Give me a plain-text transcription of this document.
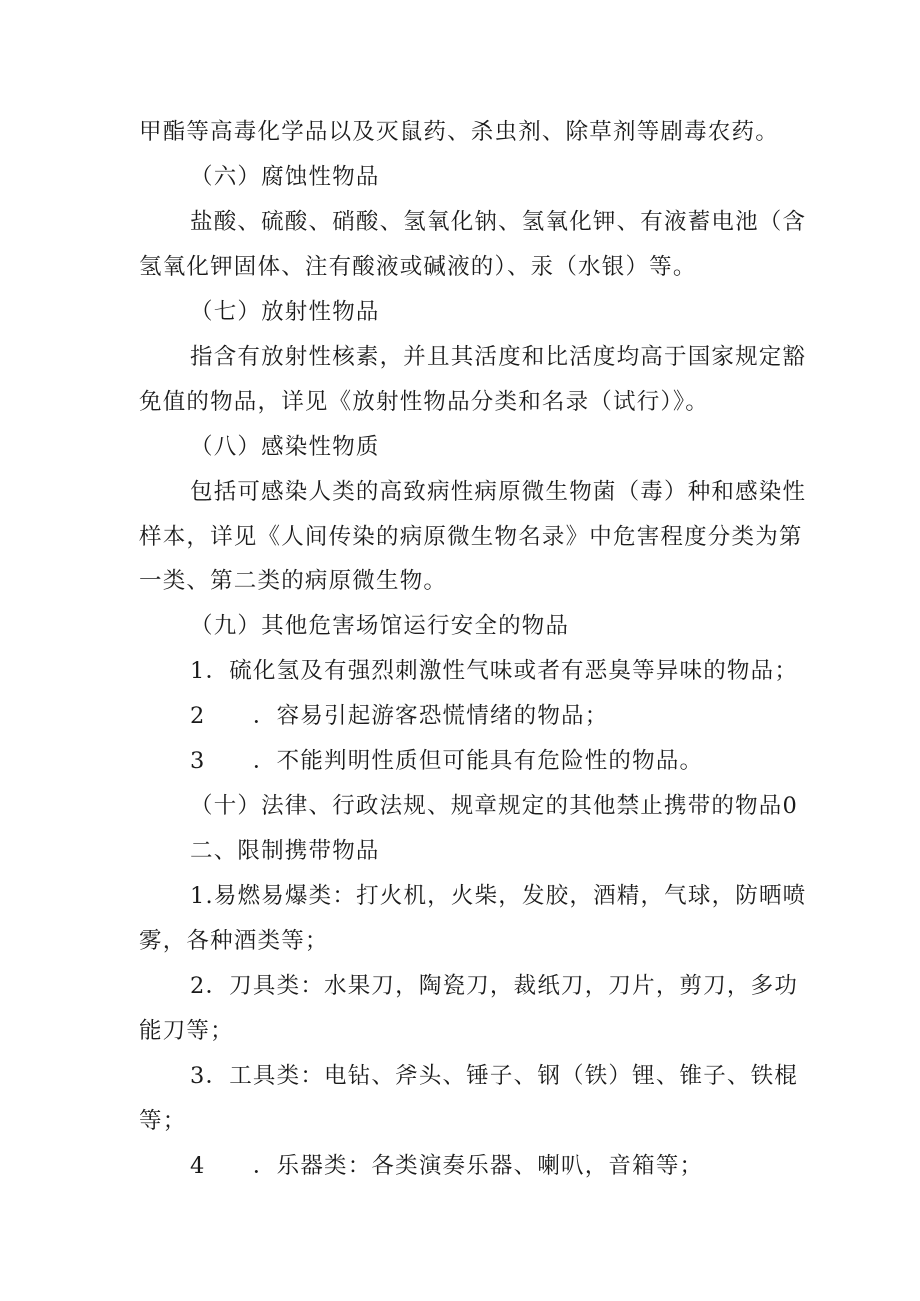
甲酯等高毒化学品以及灭鼠药、杀虫剂、除草剂等剧毒农药。
（六）腐蚀性物品
盐酸、硫酸、硝酸、氢氧化钠、氢氧化钾、有液蓄电池（含
氢氧化钾固体、注有酸液或碱液的）、汞（水银）等。
（七）放射性物品
指含有放射性核素，并且其活度和比活度均高于国家规定豁
免值的物品，详见《放射性物品分类和名录（试行）》。
（八）感染性物质
包括可感染人类的高致病性病原微生物菌（毒）种和感染性
样本，详见《人间传染的病原微生物名录》中危害程度分类为第
一类、第二类的病原微生物。
（九）其他危害场馆运行安全的物品
1．硫化氢及有强烈刺激性气味或者有恶臭等异味的物品；
2　　．容易引起游客恐慌情绪的物品；
3　　．不能判明性质但可能具有危险性的物品。
（十）法律、行政法规、规章规定的其他禁止携带的物品0
二、限制携带物品
1.易燃易爆类：打火机，火柴，发胶，酒精，气球，防晒喷
雾，各种酒类等；
2．刀具类：水果刀，陶瓷刀，裁纸刀，刀片，剪刀，多功
能刀等；
3．工具类：电钻、斧头、锤子、钢（铁）锂、锥子、铁棍
等；
4　　．乐器类：各类演奏乐器、喇叭，音箱等；
